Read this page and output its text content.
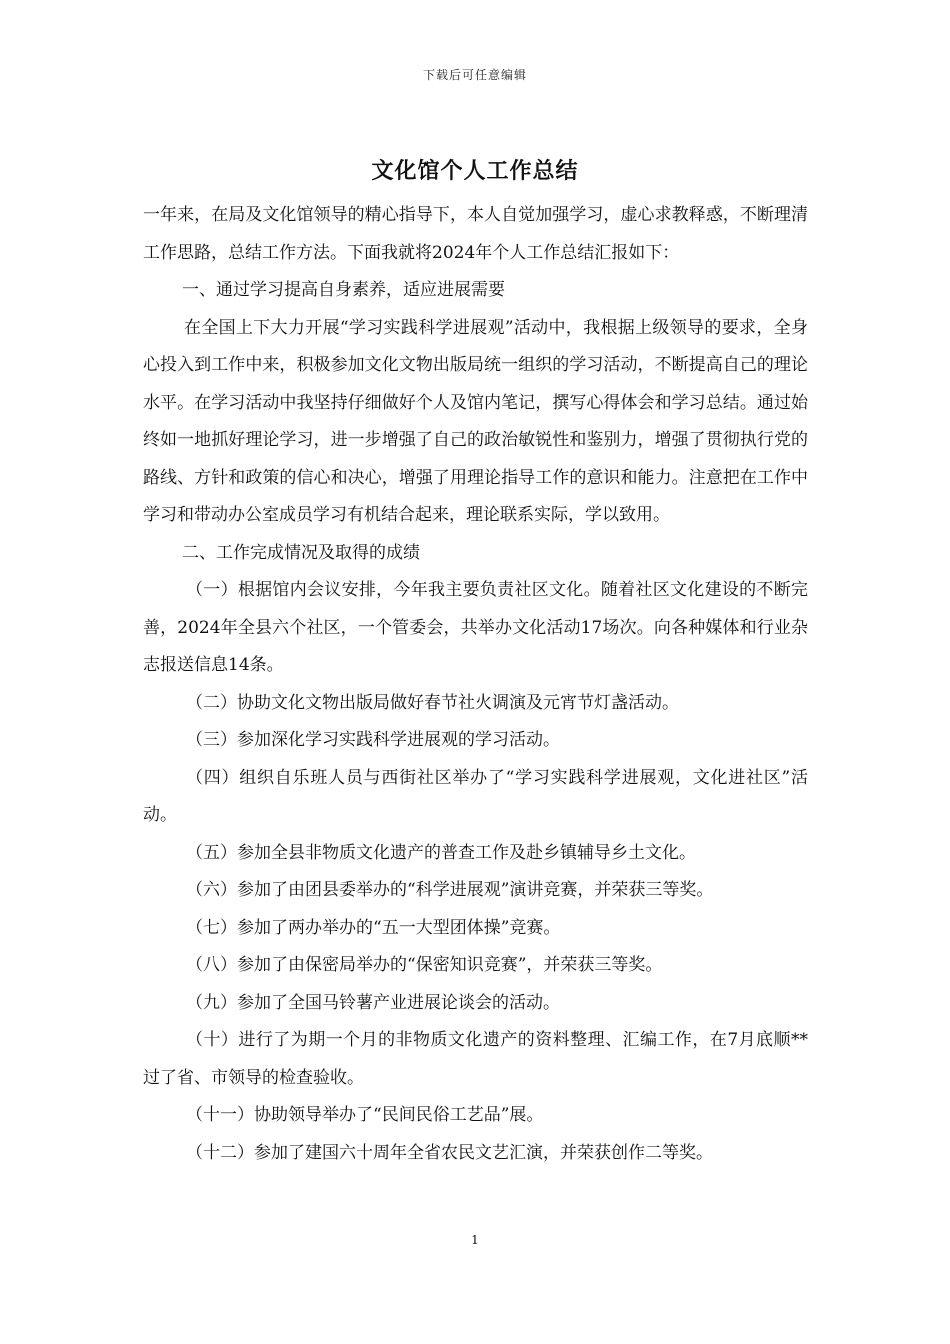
下载后可任意编辑
文化馆个人工作总结

一年来，在局及文化馆领导的精心指导下，本人自觉加强学习，虚心求教释惑，不断理清工作思路，总结工作方法。下面我就将2024年个人工作总结汇报如下：

一、通过学习提高自身素养，适应进展需要

在全国上下大力开展“学习实践科学进展观”活动中，我根据上级领导的要求，全身心投入到工作中来，积极参加文化文物出版局统一组织的学习活动，不断提高自己的理论水平。在学习活动中我坚持仔细做好个人及馆内笔记，撰写心得体会和学习总结。通过始终如一地抓好理论学习，进一步增强了自己的政治敏锐性和鉴别力，增强了贯彻执行党的路线、方针和政策的信心和决心，增强了用理论指导工作的意识和能力。注意把在工作中学习和带动办公室成员学习有机结合起来，理论联系实际，学以致用。

二、工作完成情况及取得的成绩

（一）根据馆内会议安排，今年我主要负责社区文化。随着社区文化建设的不断完善，2024年全县六个社区，一个管委会，共举办文化活动17场次。向各种媒体和行业杂志报送信息14条。

（二）协助文化文物出版局做好春节社火调演及元宵节灯盏活动。

（三）参加深化学习实践科学进展观的学习活动。

（四）组织自乐班人员与西街社区举办了“学习实践科学进展观，文化进社区”活动。

（五）参加全县非物质文化遗产的普查工作及赴乡镇辅导乡土文化。

（六）参加了由团县委举办的“科学进展观”演讲竞赛，并荣获三等奖。

（七）参加了两办举办的“五一大型团体操”竞赛。

（八）参加了由保密局举办的“保密知识竞赛”，并荣获三等奖。

（九）参加了全国马铃薯产业进展论谈会的活动。

（十）进行了为期一个月的非物质文化遗产的资料整理、汇编工作，在7月底顺**过了省、市领导的检查验收。

（十一）协助领导举办了“民间民俗工艺品”展。

（十二）参加了建国六十周年全省农民文艺汇演，并荣获创作二等奖。

1
